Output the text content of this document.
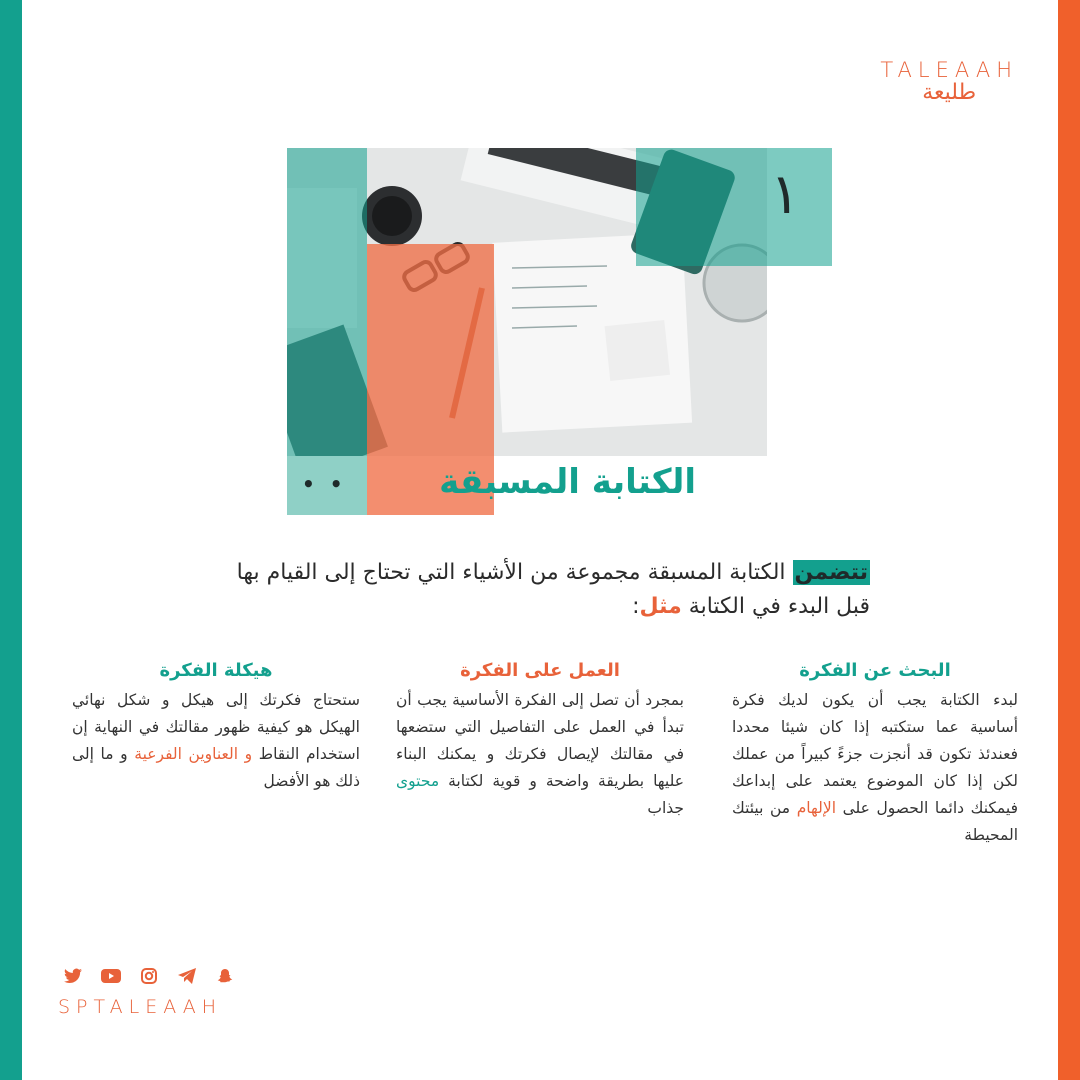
TALEAAH
طليعة
١
• •	الكتابة المسبقة
تتضمن الكتابة المسبقة مجموعة من الأشياء التي تحتاج إلى القيام بها قبل البدء في الكتابة مثل:
البحث عن الفكرة

لبدء الكتابة يجب أن يكون لديك فكرة أساسية عما ستكتبه إذا كان شيئا محددا فعندئذ تكون قد أنجزت جزءً كبيراً من عملك لكن إذا كان الموضوع يعتمد على إبداعك فيمكنك دائما الحصول على الإلهام من بيئتك المحيطة

العمل على الفكرة

بمجرد أن تصل إلى الفكرة الأساسية يجب أن تبدأ في العمل على التفاصيل التي ستضعها في مقالتك لإيصال فكرتك و يمكنك البناء عليها بطريقة واضحة و قوية لكتابة محتوى جذاب

هيكلة الفكرة

ستحتاج فكرتك إلى هيكل و شكل نهائي الهيكل هو كيفية ظهور مقالتك في النهاية إن استخدام النقاط و العناوين الفرعية و ما إلى ذلك هو الأفضل

SPTALEAAH
